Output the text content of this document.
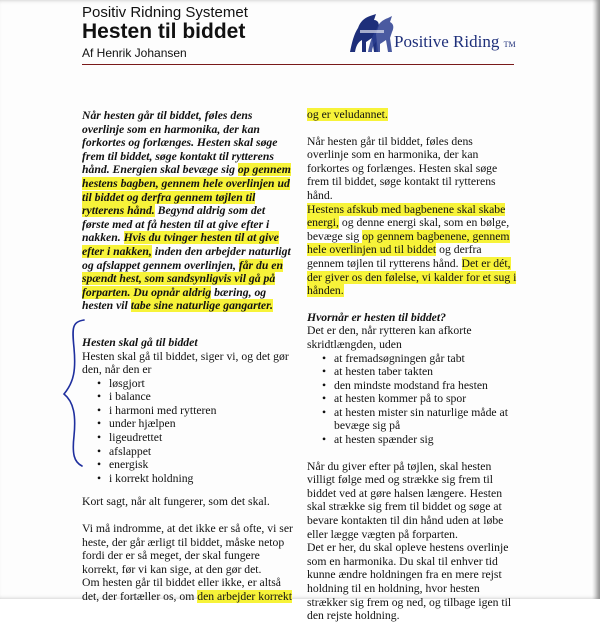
Positiv Ridning Systemet
Hesten til biddet
Af Henrik Johansen
Positive Riding TM

Når hesten går til biddet, føles dens overlinje som en harmonika, der kan forkortes og forlænges. Hesten skal søge frem til biddet, søge kontakt til rytterens hånd. Energien skal bevæge sig op gennem hestens bagben, gennem hele overlinjen ud til biddet og derfra gennem tøjlen til rytterens hånd. Begynd aldrig som det første med at få hesten til at give efter i nakken. Hvis du tvinger hesten til at give efter i nakken, inden den arbejder naturligt og afslappet gennem overlinjen, får du en spændt hest, som sandsynligvis vil gå på forparten. Du opnår aldrig bæring, og hesten vil tabe sine naturlige gangarter.

Hesten skal gå til biddet

Hesten skal gå til biddet, siger vi, og det gør den, når den er

• løsgjort
• i balance
• i harmoni med rytteren
• under hjælpen
• ligeudrettet
• afslappet
• energisk
• i korrekt holdning

Kort sagt, når alt fungerer, som det skal.

Vi må indromme, at det ikke er så ofte, vi ser heste, der går ærligt til biddet, måske netop fordi der er så meget, der skal fungere korrekt, før vi kan sige, at den gør det.

Om hesten går til biddet eller ikke, er altså det, der fortæller os, om den arbejder korrekt

og er veludannet.

Når hesten går til biddet, føles dens overlinje som en harmonika, der kan forkortes og forlænges. Hesten skal søge frem til biddet, søge kontakt til rytterens hånd.

Hestens afskub med bagbenene skal skabe energi, og denne energi skal, som en bølge, bevæge sig op gennem bagbenene, gennem hele overlinjen ud til biddet og derfra gennem tøjlen til rytterens hånd. Det er dét, der giver os den følelse, vi kalder for et sug i hånden.

Hvornår er hesten til biddet?

Det er den, når rytteren kan afkorte skridtlængden, uden

• at fremadsøgningen går tabt
• at hesten taber takten
• den mindste modstand fra hesten
• at hesten kommer på to spor
• at hesten mister sin naturlige måde at bevæge sig på
• at hesten spænder sig

Når du giver efter på tøjlen, skal hesten villigt følge med og strække sig frem til biddet ved at gøre halsen længere. Hesten skal strække sig frem til biddet og søge at bevare kontakten til din hånd uden at løbe eller lægge vægten på forparten.

Det er her, du skal opleve hestens overlinje som en harmonika. Du skal til enhver tid kunne ændre holdningen fra en mere rejst holdning til en holdning, hvor hesten strækker sig frem og ned, og tilbage igen til den rejste holdning.
